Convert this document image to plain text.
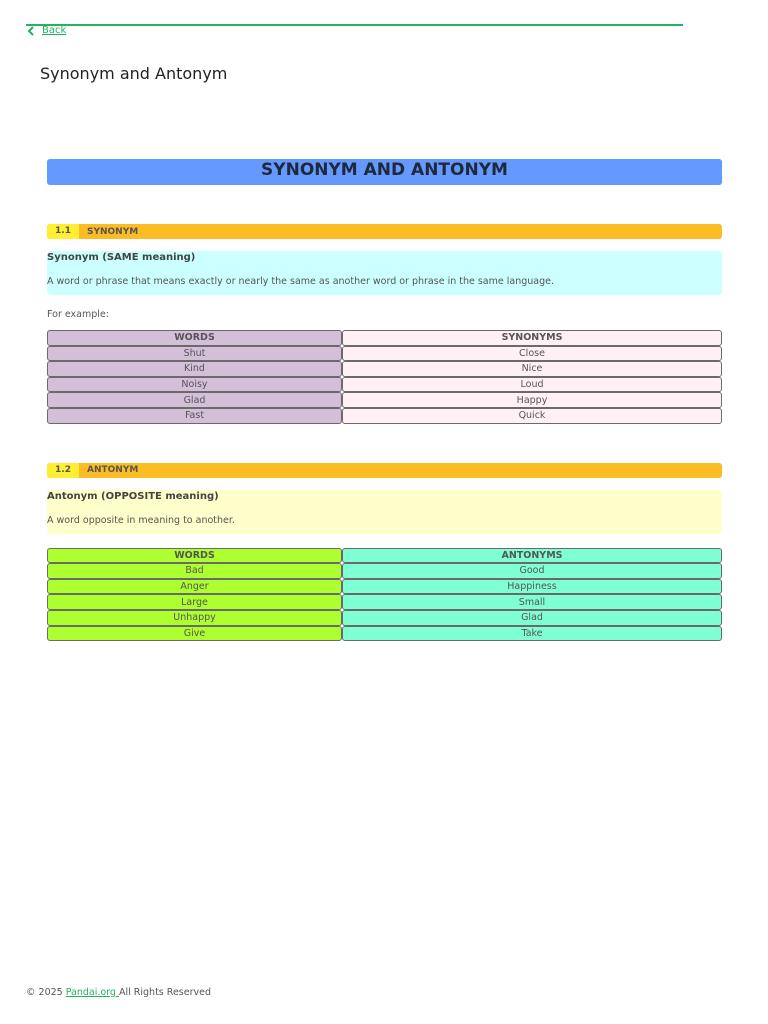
Back
Synonym and Antonym
SYNONYM AND ANTONYM
1.1	SYNONYM
Synonym (SAME meaning)
A word or phrase that means exactly or nearly the same as another word or phrase in the same language.
For example:
WORDS	SYNONYMS
Shut	Close
Kind	Nice
Noisy	Loud
Glad	Happy
Fast	Quick
1.2	ANTONYM
Antonym (OPPOSITE meaning)
A word opposite in meaning to another.
WORDS	ANTONYMS
Bad	Good
Anger	Happiness
Large	Small
Unhappy	Glad
Give	Take
© 2025 Pandai.org All Rights Reserved
